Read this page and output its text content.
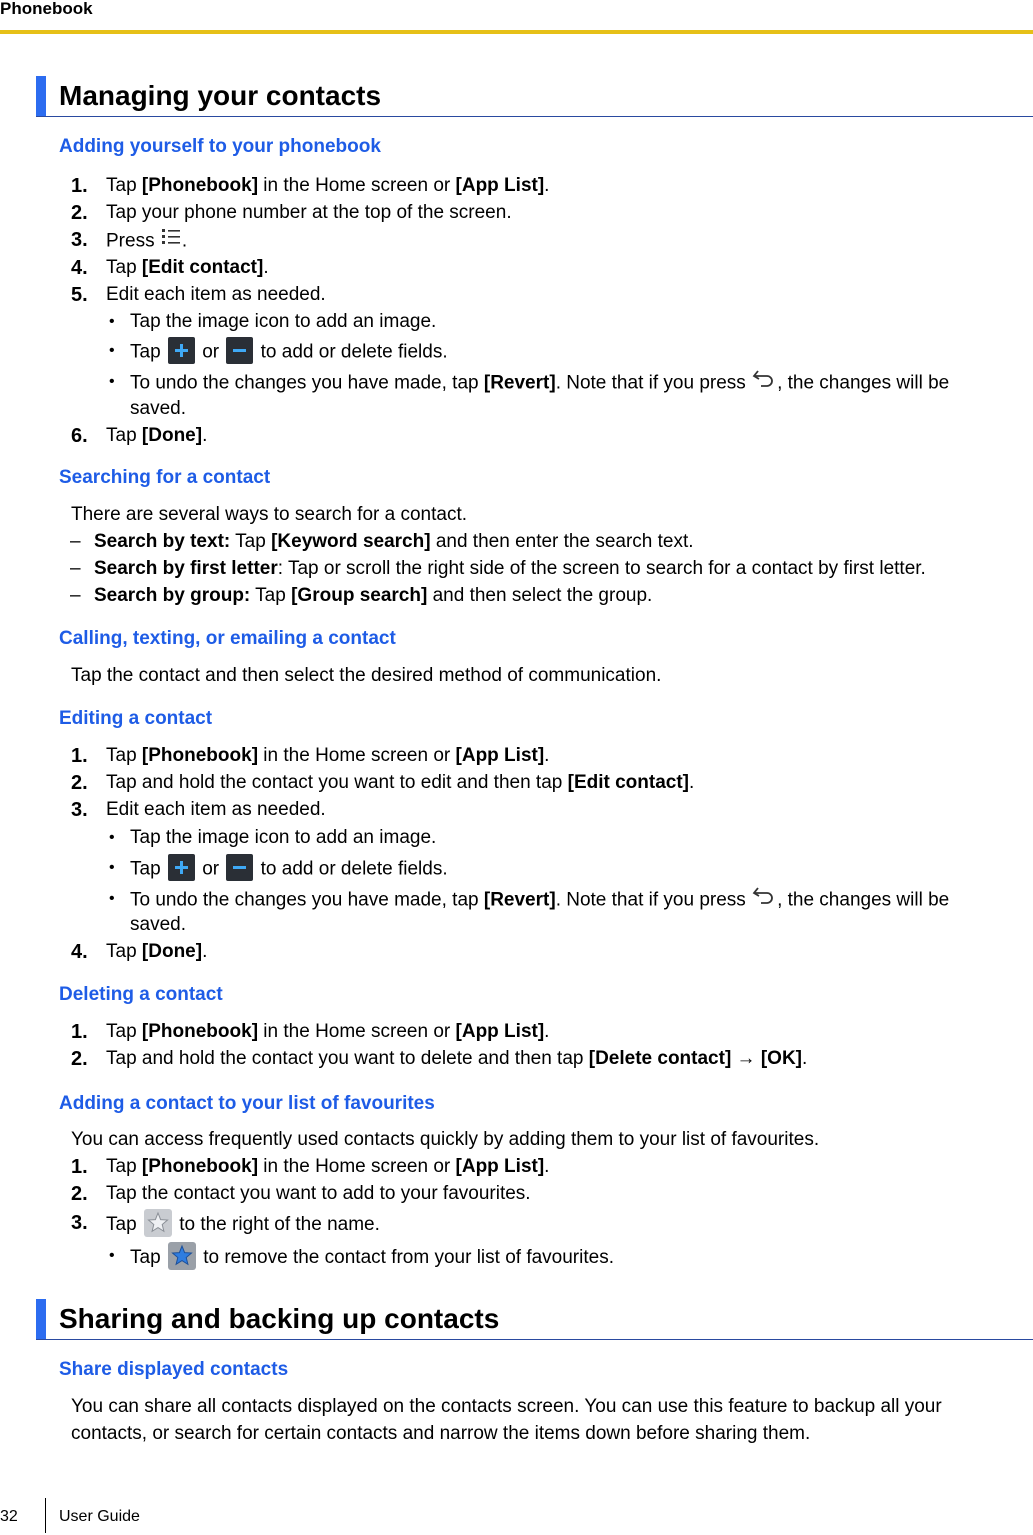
Phonebook
Managing your contacts
Adding yourself to your phonebook
1. Tap [Phonebook] in the Home screen or [App List].
2. Tap your phone number at the top of the screen.
3. Press .
4. Tap [Edit contact].
5. Edit each item as needed.
• Tap the image icon to add an image.
• Tap
or
to add or delete fields.
• To undo the changes you have made, tap [Revert]. Note that if you press , the changes will be
saved.
6. Tap [Done].
Searching for a contact
There are several ways to search for a contact.
– Search by text: Tap [Keyword search] and then enter the search text.
– Search by first letter: Tap or scroll the right side of the screen to search for a contact by first letter.
– Search by group: Tap [Group search] and then select the group.
Calling, texting, or emailing a contact
Tap the contact and then select the desired method of communication.
Editing a contact
1. Tap [Phonebook] in the Home screen or [App List].
2. Tap and hold the contact you want to edit and then tap [Edit contact].
3. Edit each item as needed.
• Tap the image icon to add an image.
• Tap
or
to add or delete fields.
• To undo the changes you have made, tap [Revert]. Note that if you press , the changes will be
saved.
4. Tap [Done].
Deleting a contact
1. Tap [Phonebook] in the Home screen or [App List].
2. Tap and hold the contact you want to delete and then tap [Delete contact] → [OK].
Adding a contact to your list of favourites
You can access frequently used contacts quickly by adding them to your list of favourites.
1. Tap [Phonebook] in the Home screen or [App List].
2. Tap the contact you want to add to your favourites.
3. Tap
to the right of the name.
• Tap
to remove the contact from your list of favourites.
Sharing and backing up contacts
Share displayed contacts
You can share all contacts displayed on the contacts screen. You can use this feature to backup all your
contacts, or search for certain contacts and narrow the items down before sharing them.
32	User Guide
